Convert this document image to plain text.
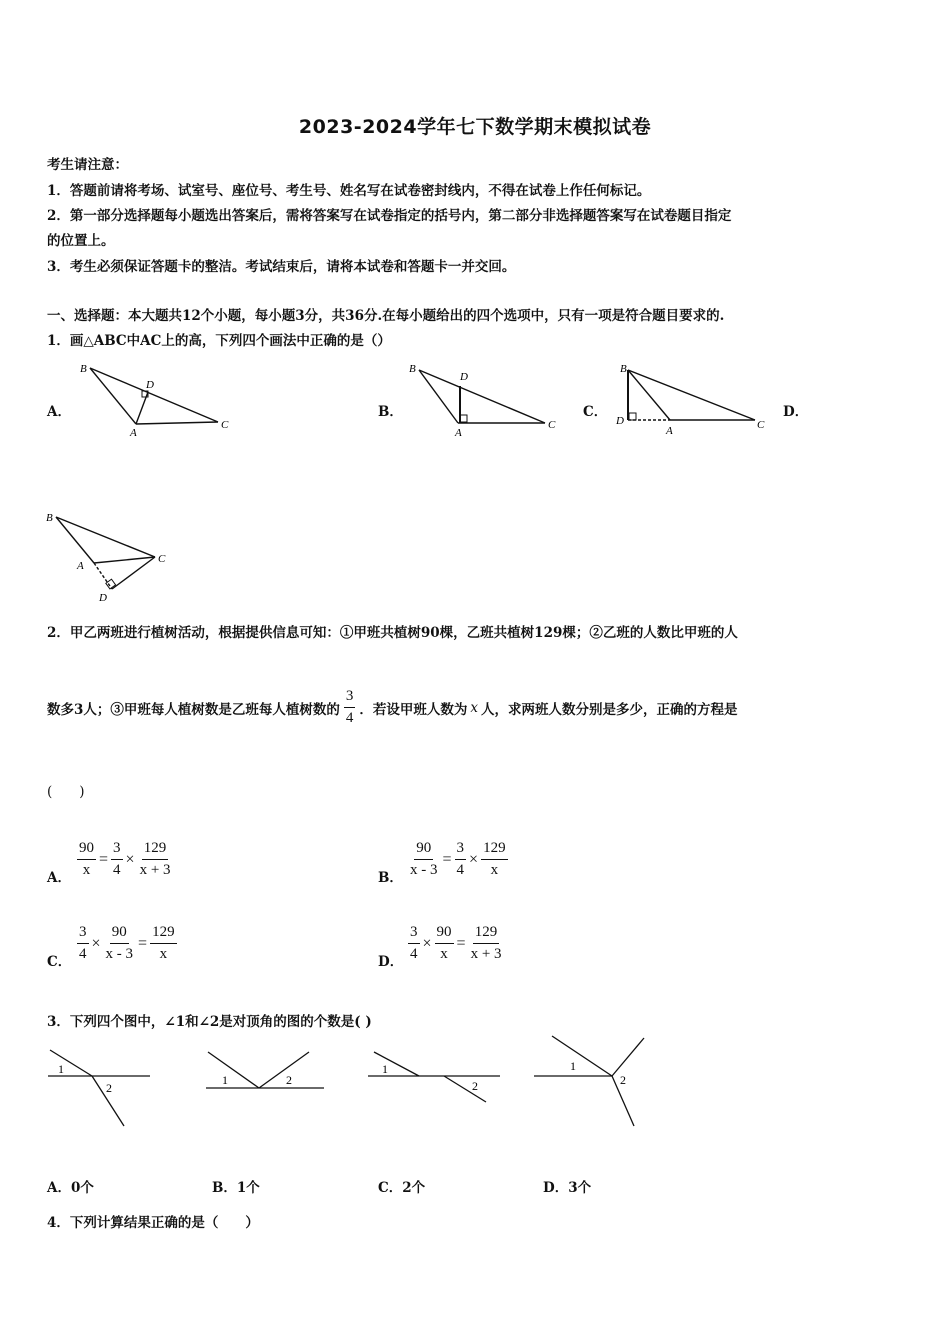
2023-2024学年七下数学期末模拟试卷
考生请注意：
1．答题前请将考场、试室号、座位号、考生号、姓名写在试卷密封线内，不得在试卷上作任何标记。
2．第一部分选择题每小题选出答案后，需将答案写在试卷指定的括号内，第二部分非选择题答案写在试卷题目指定
的位置上。
3．考生必须保证答题卡的整洁。考试结束后，请将本试卷和答题卡一并交回。
一、选择题：本大题共12个小题，每小题3分，共36分.在每小题给出的四个选项中，只有一项是符合题目要求的.
1．画△ABC中AC上的高，下列四个画法中正确的是（）
A．
B
A
C
D
B．
B
A
C
D
C．
B
A	C
D
D．
B
A
C
D
2．甲乙两班进行植树活动，根据提供信息可知：①甲班共植树90棵，乙班共植树129棵；②乙班的人数比甲班的人
数多3人；③甲班每人植树数是乙班每人植树数的 $\frac{3}{4}$ ．若设甲班人数为 x 人，求两班人数分别是多少，正确的方程是
(　　)
A． $\frac{90}{x} = \frac{3}{4} \times \frac{129}{x + 3}$	B． $\frac{90}{x - 3} = \frac{3}{4} \times \frac{129}{x}$
C． $\frac{3}{4} \times \frac{90}{x - 3} = \frac{129}{x}$	D． $\frac{3}{4} \times \frac{90}{x} = \frac{129}{x + 3}$
3．下列四个图中，∠1和∠2是对顶角的图的个数是( )
1
2
1	2
1
2
1
2
A．0个	B．1个	C．2个	D．3个
4．下列计算结果正确的是（　　）
